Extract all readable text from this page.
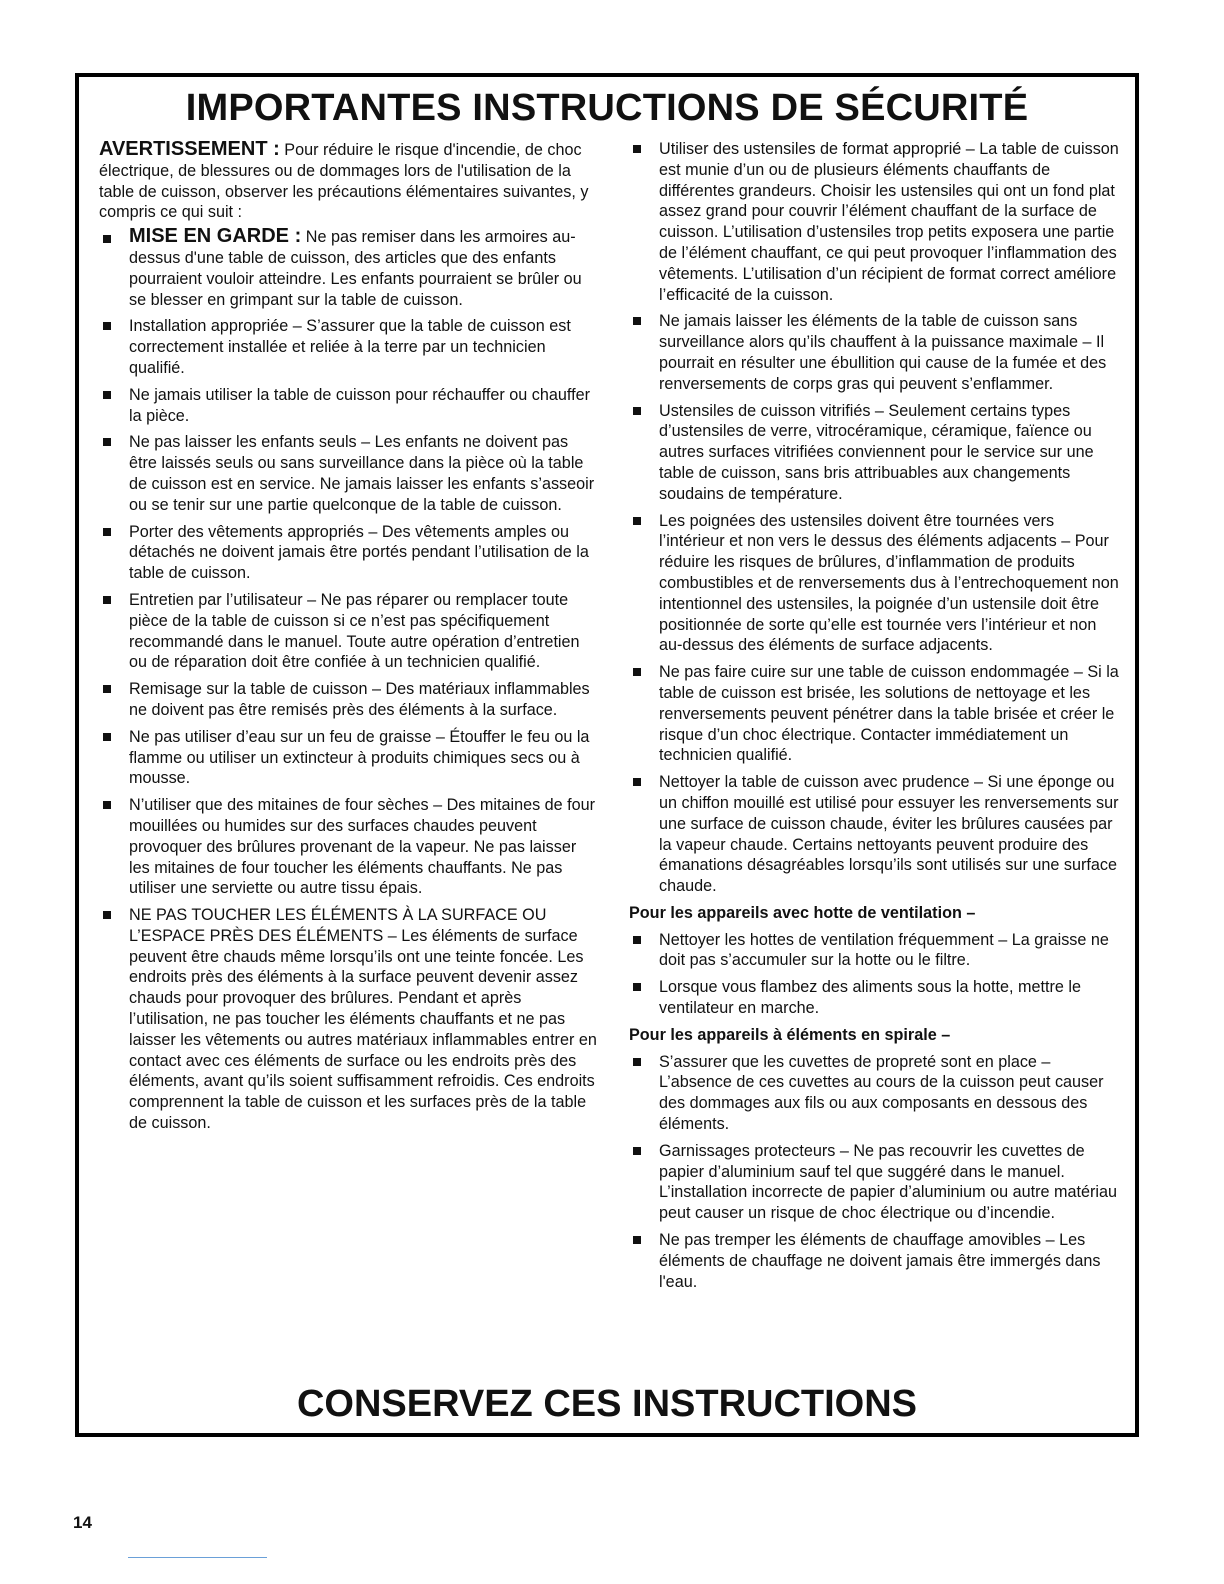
IMPORTANTES INSTRUCTIONS DE SÉCURITÉ

AVERTISSEMENT : Pour réduire le risque d'incendie, de choc électrique, de blessures ou de dommages lors de l'utilisation de la table de cuisson, observer les précautions élémentaires suivantes, y compris ce qui suit :

MISE EN GARDE : Ne pas remiser dans les armoires au-dessus d'une table de cuisson, des articles que des enfants pourraient vouloir atteindre. Les enfants pourraient se brûler ou se blesser en grimpant sur la table de cuisson.
Installation appropriée – S’assurer que la table de cuisson est correctement installée et reliée à la terre par un technicien qualifié.
Ne jamais utiliser la table de cuisson pour réchauffer ou chauffer la pièce.
Ne pas laisser les enfants seuls – Les enfants ne doivent pas être laissés seuls ou sans surveillance dans la pièce où la table de cuisson est en service. Ne jamais laisser les enfants s’asseoir ou se tenir sur une partie quelconque de la table de cuisson.
Porter des vêtements appropriés – Des vêtements amples ou détachés ne doivent jamais être portés pendant l’utilisation de la table de cuisson.
Entretien par l’utilisateur – Ne pas réparer ou remplacer toute pièce de la table de cuisson si ce n’est pas spécifiquement recommandé dans le manuel. Toute autre opération d’entretien ou de réparation doit être confiée à un technicien qualifié.
Remisage sur la table de cuisson – Des matériaux inflammables ne doivent pas être remisés près des éléments à la surface.
Ne pas utiliser d’eau sur un feu de graisse – Étouffer le feu ou la flamme ou utiliser un extincteur à produits chimiques secs ou à mousse.
N’utiliser que des mitaines de four sèches – Des mitaines de four mouillées ou humides sur des surfaces chaudes peuvent provoquer des brûlures provenant de la vapeur. Ne pas laisser les mitaines de four toucher les éléments chauffants. Ne pas utiliser une serviette ou autre tissu épais.
NE PAS TOUCHER LES ÉLÉMENTS À LA SURFACE OU L’ESPACE PRÈS DES ÉLÉMENTS – Les éléments de surface peuvent être chauds même lorsqu’ils ont une teinte foncée. Les endroits près des éléments à la surface peuvent devenir assez chauds pour provoquer des brûlures. Pendant et après l’utilisation, ne pas toucher les éléments chauffants et ne pas laisser les vêtements ou autres matériaux inflammables entrer en contact avec ces éléments de surface ou les endroits près des éléments, avant qu’ils soient suffisamment refroidis. Ces endroits comprennent la table de cuisson et les surfaces près de la table de cuisson.
Utiliser des ustensiles de format approprié – La table de cuisson est munie d’un ou de plusieurs éléments chauffants de différentes grandeurs. Choisir les ustensiles qui ont un fond plat assez grand pour couvrir l’élément chauffant de la surface de cuisson. L’utilisation d’ustensiles trop petits exposera une partie de l’élément chauffant, ce qui peut provoquer l’inflammation des vêtements. L’utilisation d’un récipient de format correct améliore l’efficacité de la cuisson.
Ne jamais laisser les éléments de la table de cuisson sans surveillance alors qu’ils chauffent à la puissance maximale – Il pourrait en résulter une ébullition qui cause de la fumée et des renversements de corps gras qui peuvent s’enflammer.
Ustensiles de cuisson vitrifiés – Seulement certains types d’ustensiles de verre, vitrocéramique, céramique, faïence ou autres surfaces vitrifiées conviennent pour le service sur une table de cuisson, sans bris attribuables aux changements soudains de température.
Les poignées des ustensiles doivent être tournées vers l’intérieur et non vers le dessus des éléments adjacents – Pour réduire les risques de brûlures, d’inflammation de produits combustibles et de renversements dus à l’entrechoquement non intentionnel des ustensiles, la poignée d’un ustensile doit être positionnée de sorte qu’elle est tournée vers l’intérieur et non au-dessus des éléments de surface adjacents.
Ne pas faire cuire sur une table de cuisson endommagée – Si la table de cuisson est brisée, les solutions de nettoyage et les renversements peuvent pénétrer dans la table brisée et créer le risque d’un choc électrique. Contacter immédiatement un technicien qualifié.
Nettoyer la table de cuisson avec prudence – Si une éponge ou un chiffon mouillé est utilisé pour essuyer les renversements sur une surface de cuisson chaude, éviter les brûlures causées par la vapeur chaude. Certains nettoyants peuvent produire des émanations désagréables lorsqu’ils sont utilisés sur une surface chaude.
Pour les appareils avec hotte de ventilation –
Nettoyer les hottes de ventilation fréquemment – La graisse ne doit pas s’accumuler sur la hotte ou le filtre.
Lorsque vous flambez des aliments sous la hotte, mettre le ventilateur en marche.
Pour les appareils à éléments en spirale –
S’assurer que les cuvettes de propreté sont en place – L’absence de ces cuvettes au cours de la cuisson peut causer des dommages aux fils ou aux composants en dessous des éléments.
Garnissages protecteurs – Ne pas recouvrir les cuvettes de papier d’aluminium sauf tel que suggéré dans le manuel. L’installation incorrecte de papier d’aluminium ou autre matériau peut causer un risque de choc électrique ou d’incendie.
Ne pas tremper les éléments de chauffage amovibles – Les éléments de chauffage ne doivent jamais être immergés dans l'eau.
CONSERVEZ CES INSTRUCTIONS
14
